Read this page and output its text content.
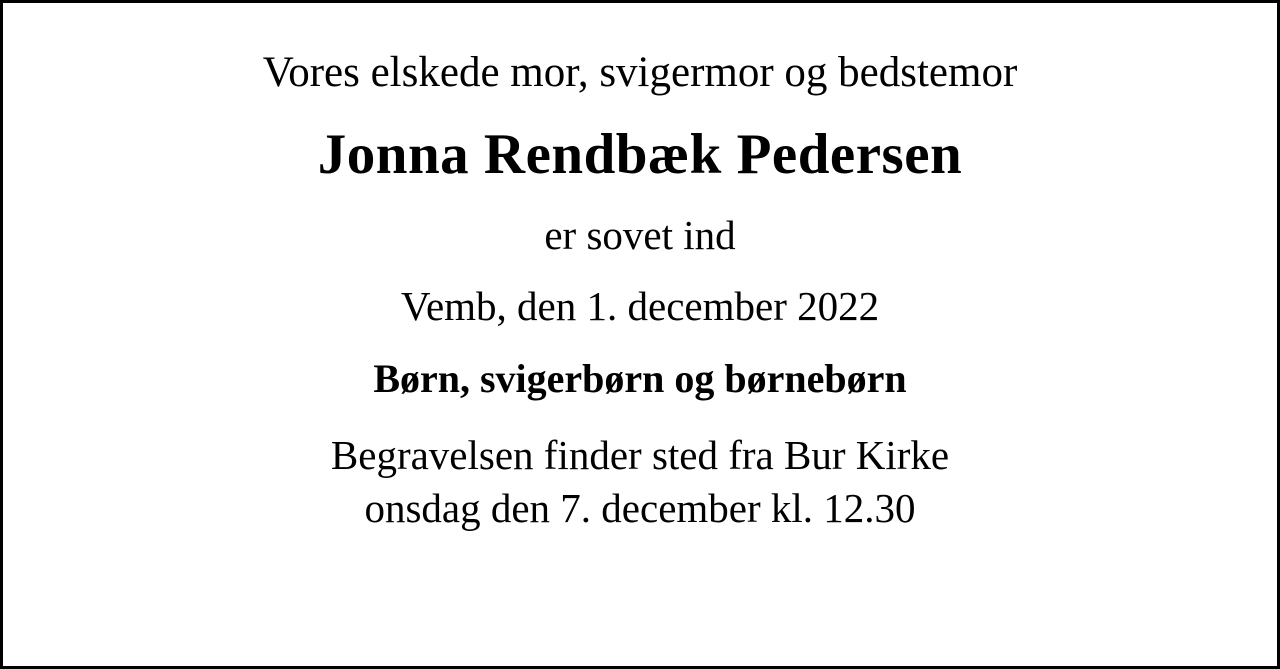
Vores elskede mor, svigermor og bedstemor
Jonna Rendbæk Pedersen
er sovet ind
Vemb, den 1. december 2022
Børn, svigerbørn og børnebørn
Begravelsen finder sted fra Bur Kirke
onsdag den 7. december kl. 12.30
